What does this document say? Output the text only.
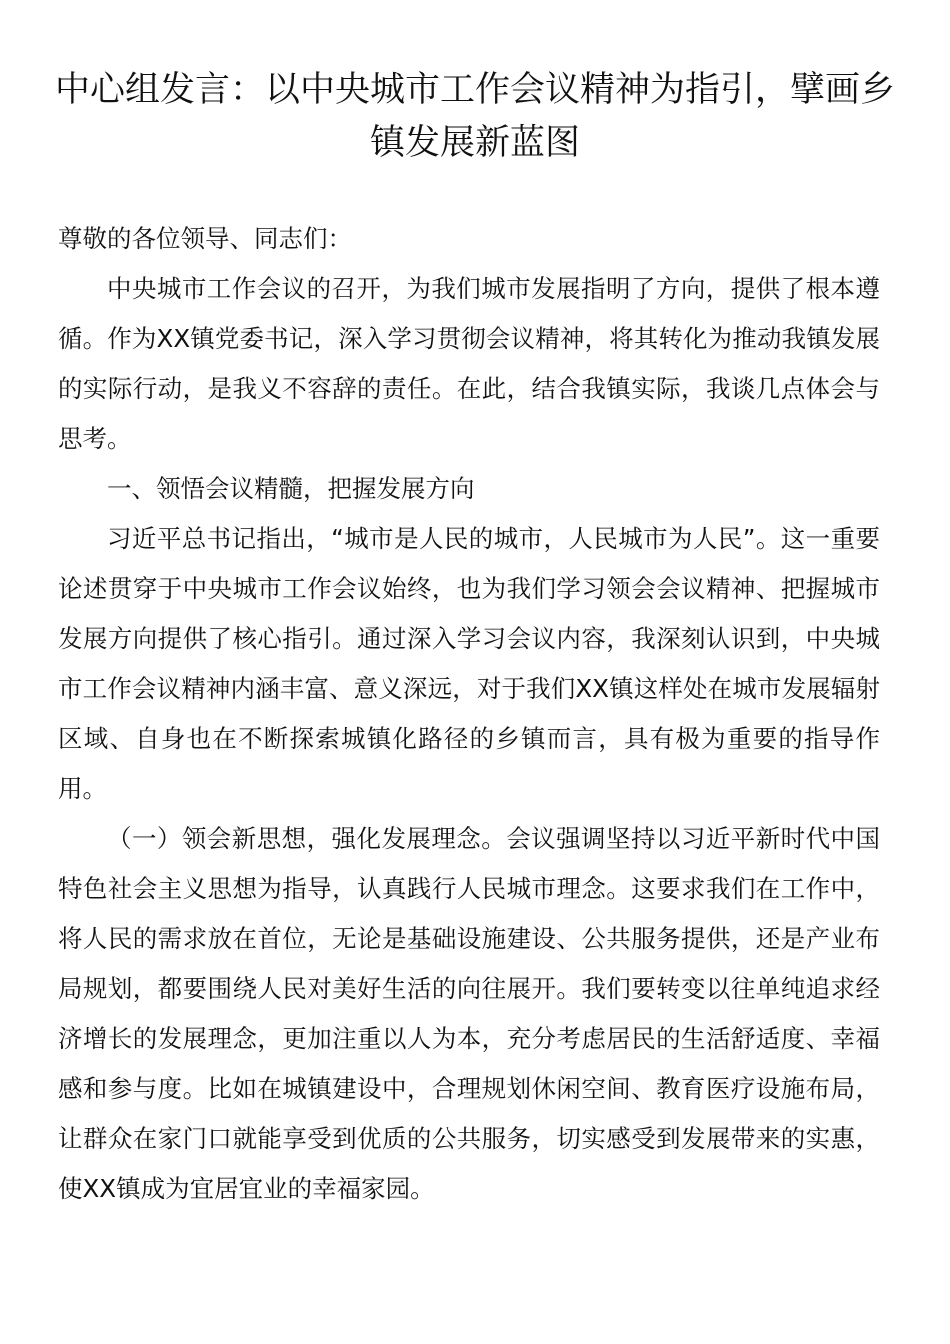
中心组发言：以中央城市工作会议精神为指引，擘画乡镇发展新蓝图

尊敬的各位领导、同志们：

中央城市工作会议的召开，为我们城市发展指明了方向，提供了根本遵循。作为XX镇党委书记，深入学习贯彻会议精神，将其转化为推动我镇发展的实际行动，是我义不容辞的责任。在此，结合我镇实际，我谈几点体会与思考。

一、领悟会议精髓，把握发展方向

习近平总书记指出，“城市是人民的城市，人民城市为人民”。这一重要论述贯穿于中央城市工作会议始终，也为我们学习领会会议精神、把握城市发展方向提供了核心指引。通过深入学习会议内容，我深刻认识到，中央城市工作会议精神内涵丰富、意义深远，对于我们XX镇这样处在城市发展辐射区域、自身也在不断探索城镇化路径的乡镇而言，具有极为重要的指导作用。

（一）领会新思想，强化发展理念。会议强调坚持以习近平新时代中国特色社会主义思想为指导，认真践行人民城市理念。这要求我们在工作中，将人民的需求放在首位，无论是基础设施建设、公共服务提供，还是产业布局规划，都要围绕人民对美好生活的向往展开。我们要转变以往单纯追求经济增长的发展理念，更加注重以人为本，充分考虑居民的生活舒适度、幸福感和参与度。比如在城镇建设中，合理规划休闲空间、教育医疗设施布局，让群众在家门口就能享受到优质的公共服务，切实感受到发展带来的实惠，使XX镇成为宜居宜业的幸福家园。
